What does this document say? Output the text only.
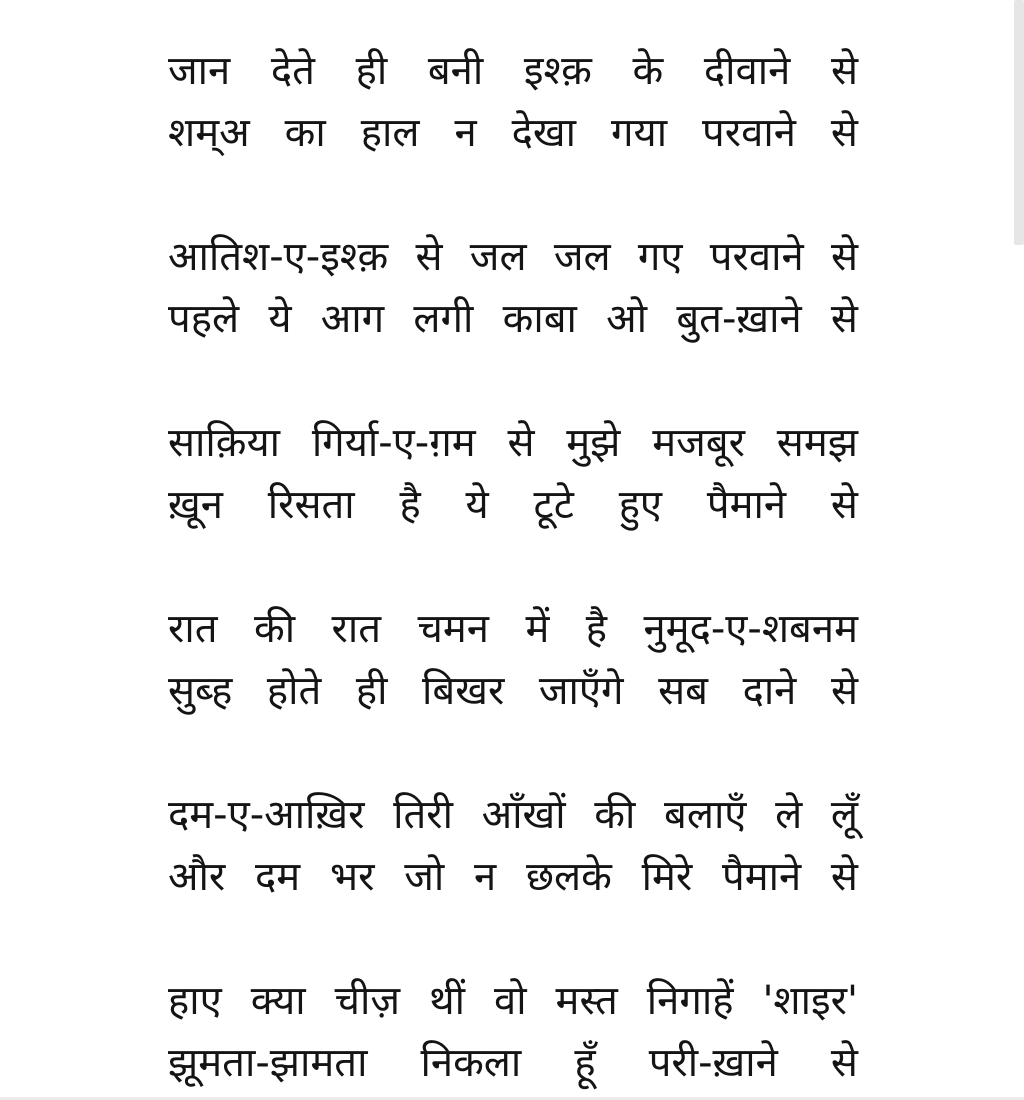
जान देते ही बनी इश्क़ के दीवाने से
शम्अ का हाल न देखा गया परवाने से
आतिश-ए-इश्क़ से जल जल गए परवाने से
पहले ये आग लगी काबा ओ बुत-ख़ाने से
साक़िया गिर्या-ए-ग़म से मुझे मजबूर समझ
ख़ून रिसता है ये टूटे हुए पैमाने से
रात की रात चमन में है नुमूद-ए-शबनम
सुब्ह होते ही बिखर जाएँगे सब दाने से
दम-ए-आख़िर तिरी आँखों की बलाएँ ले लूँ
और दम भर जो न छलके मिरे पैमाने से
हाए क्या चीज़ थीं वो मस्त निगाहें 'शाइर'
झूमता-झामता निकला हूँ परी-ख़ाने से
